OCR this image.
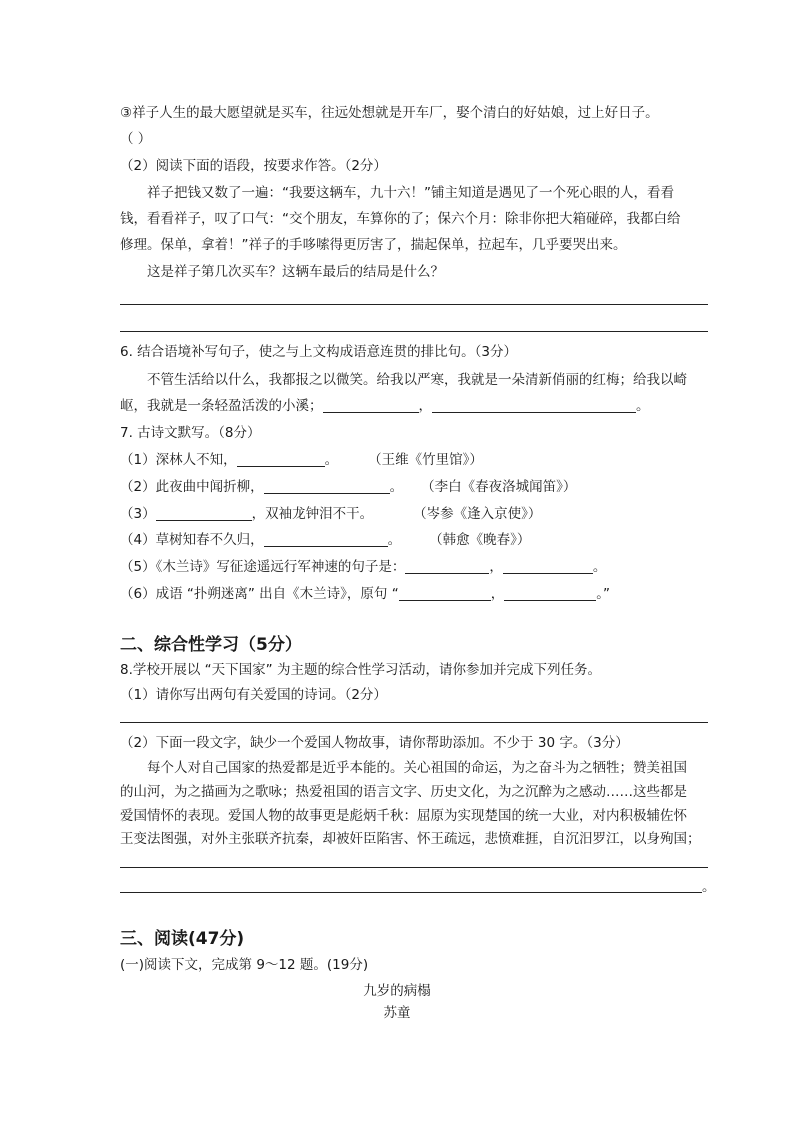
③祥子人生的最大愿望就是买车，往远处想就是开车厂，娶个清白的好姑娘，过上好日子。
（ ）
（2）阅读下面的语段，按要求作答。（2分）
祥子把钱又数了一遍：“我要这辆车，九十六！”铺主知道是遇见了一个死心眼的人，看看
钱，看看祥子，叹了口气：“交个朋友，车算你的了；保六个月：除非你把大箱碰碎，我都白给
修理。保单，拿着！”祥子的手哆嗦得更厉害了，揣起保单，拉起车，几乎要哭出来。
这是祥子第几次买车？这辆车最后的结局是什么？
6. 结合语境补写句子，使之与上文构成语意连贯的排比句。（3分）
不管生活给以什么，我都报之以微笑。给我以严寒，我就是一朵清新俏丽的红梅；给我以崎
岖，我就是一条轻盈活泼的小溪；	，	。
7. 古诗文默写。（8分）
（1）深林人不知，	。 （王维《竹里馆》）
（2）此夜曲中闻折柳，	。 （李白《春夜洛城闻笛》）
（3）	，双袖龙钟泪不干。	（岑参《逢入京使》）
（4）草树知春不久归，	。 （韩愈《晚春》）
（5）《木兰诗》写征途遥远行军神速的句子是：	，	。
（6）成语 “扑朔迷离” 出自《木兰诗》，原句 “	，	。”
二、综合性学习（5分）
8.学校开展以 “天下国家” 为主题的综合性学习活动，请你参加并完成下列任务。
（1）请你写出两句有关爱国的诗词。（2分）
（2）下面一段文字，缺少一个爱国人物故事，请你帮助添加。不少于 30 字。（3分）
每个人对自己国家的热爱都是近乎本能的。关心祖国的命运，为之奋斗为之牺牲；赞美祖国
的山河，为之描画为之歌咏；热爱祖国的语言文字、历史文化，为之沉醉为之感动……这些都是
爱国情怀的表现。爱国人物的故事更是彪炳千秋：屈原为实现楚国的统一大业，对内积极辅佐怀
王变法图强，对外主张联齐抗秦，却被奸臣陷害、怀王疏远，悲愤难捱，自沉汨罗江，以身殉国；
。
三、阅读(47分)
(一)阅读下文，完成第 9～12 题。(19分)
九岁的病榻
苏童
